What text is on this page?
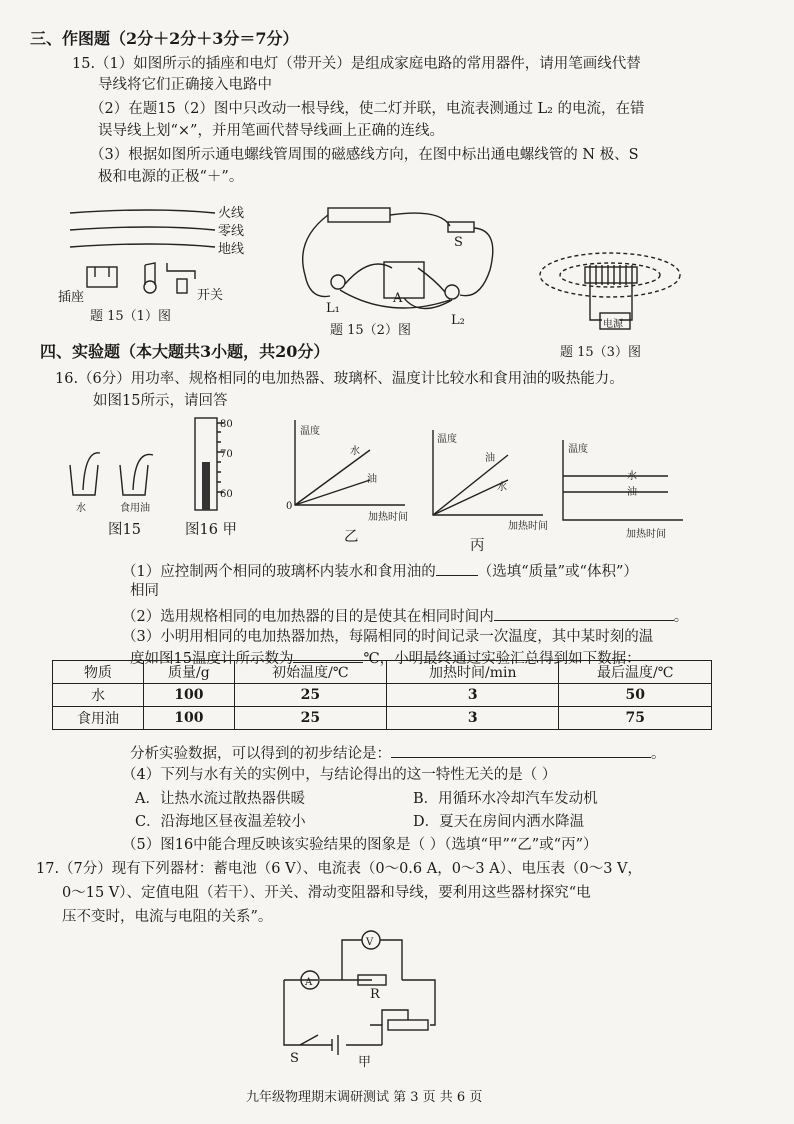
三、作图题（2分＋2分＋3分＝7分）
15.（1）如图所示的插座和电灯（带开关）是组成家庭电路的常用器件，请用笔画线代替
导线将它们正确接入电路中
（2）在题15（2）图中只改动一根导线，使二灯并联，电流表测通过 L₂ 的电流，在错
误导线上划“×”，并用笔画代替导线画上正确的连线。
（3）根据如图所示通电螺线管周围的磁感线方向，在图中标出通电螺线管的 N 极、S
极和电源的正极“＋”。
火线
零线
地线
插座	开关
题 15（1）图
S
A
L₁
L₂
题 15（2）图	电源
题 15（3）图
四、实验题（本大题共3小题，共20分）
16.（6分）用功率、规格相同的电加热器、玻璃杯、温度计比较水和食用油的吸热能力。
如图15所示，请回答
水	食用油
图15
80
70
60
图16 甲
温度
水
油
0
加热时间
乙
温度
油
水
加热时间
丙
温度
水
油
加热时间
（1）应控制两个相同的玻璃杯内装水和食用油的	（选填“质量”或“体积”）
相同
（2）选用规格相同的电加热器的目的是使其在相同时间内	。
（3）小明用相同的电加热器加热，每隔相同的时间记录一次温度，其中某时刻的温
度如图15温度计所示数为	℃，小明最终通过实验汇总得到如下数据：
物质	质量/g	初始温度/℃	加热时间/min	最后温度/℃
水	100	25	3	50
食用油	100	25	3	75
分析实验数据，可以得到的初步结论是：	。
（4）下列与水有关的实例中，与结论得出的这一特性无关的是（ ）
A．让热水流过散热器供暖	B．用循环水冷却汽车发动机
C．沿海地区昼夜温差较小	D．夏天在房间内洒水降温
（5）图16中能合理反映该实验结果的图象是（ ）（选填“甲”“乙”或“丙”）
17.（7分）现有下列器材：蓄电池（6 V）、电流表（0～0.6 A，0～3 A）、电压表（0～3 V，
0～15 V）、定值电阻（若干）、开关、滑动变阻器和导线，要利用这些器材探究“电
压不变时，电流与电阻的关系”。
V
A
R
S	甲
九年级物理期末调研测试 第 3 页 共 6 页
